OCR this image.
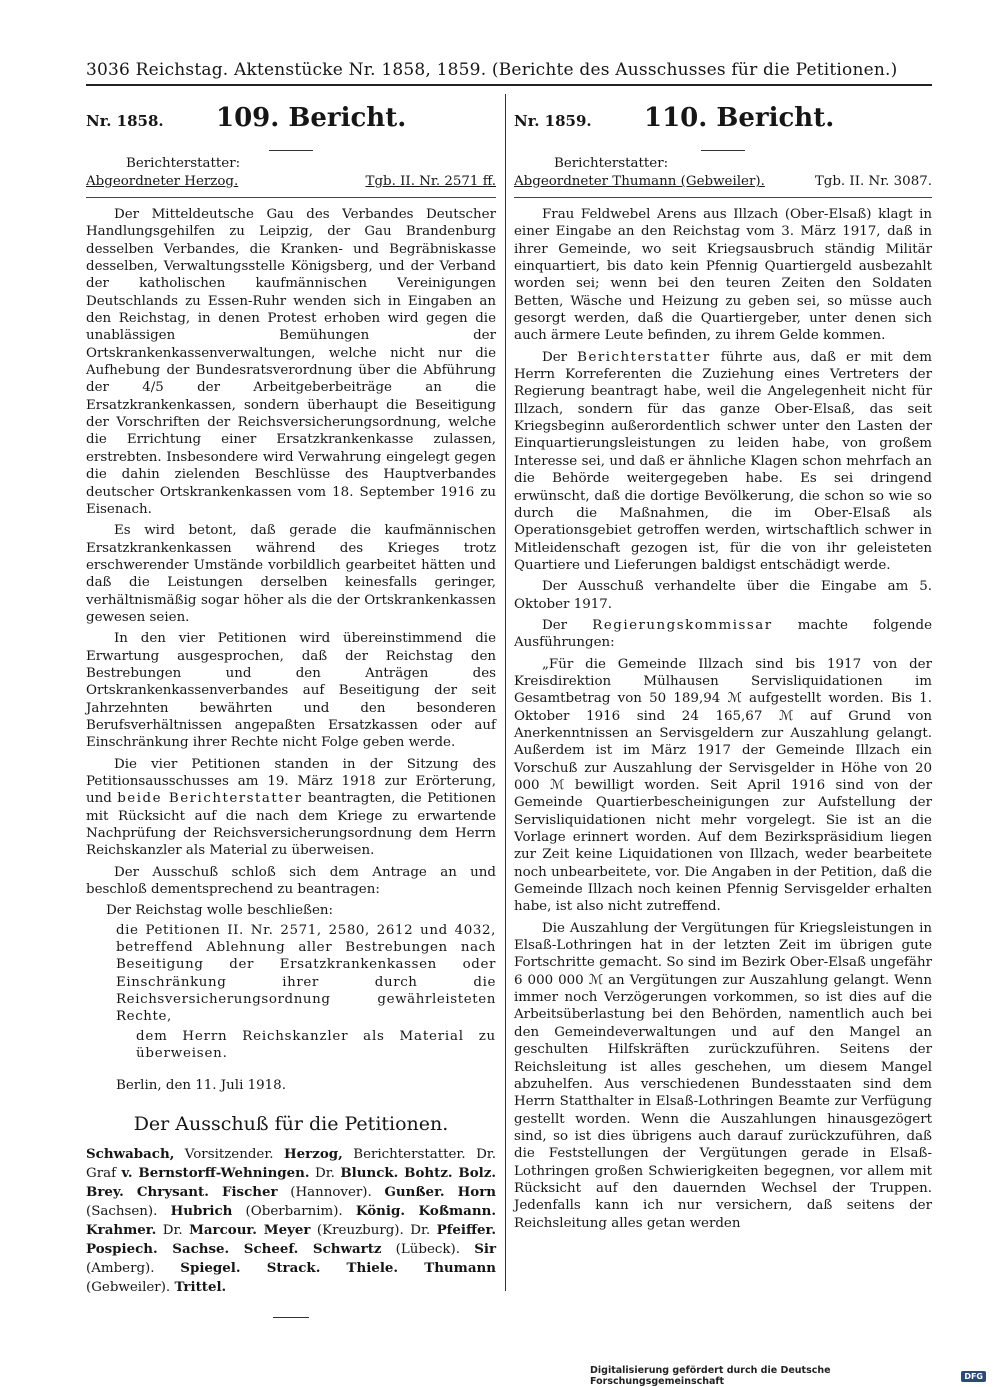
3036 Reichstag. Aktenstücke Nr. 1858, 1859. (Berichte des Ausschusses für die Petitionen.)
Nr. 1858.	109. Bericht.
Berichterstatter:
Abgeordneter Herzog.	Tgb. II. Nr. 2571 ff.

Der Mitteldeutsche Gau des Verbandes Deutscher Handlungsgehilfen zu Leipzig, der Gau Brandenburg desselben Verbandes, die Kranken- und Begräbniskasse desselben, Verwaltungsstelle Königsberg, und der Verband der katholischen kaufmännischen Vereinigungen Deutschlands zu Essen-Ruhr wenden sich in Eingaben an den Reichstag, in denen Protest erhoben wird gegen die unablässigen Bemühungen der Ortskrankenkassenverwaltungen, welche nicht nur die Aufhebung der Bundesratsverordnung über die Abführung der 4/5 der Arbeitgeberbeiträge an die Ersatzkrankenkassen, sondern überhaupt die Beseitigung der Vorschriften der Reichsversicherungsordnung, welche die Errichtung einer Ersatzkrankenkasse zulassen, erstrebten. Insbesondere wird Verwahrung eingelegt gegen die dahin zielenden Beschlüsse des Hauptverbandes deutscher Ortskrankenkassen vom 18. September 1916 zu Eisenach.

Es wird betont, daß gerade die kaufmännischen Ersatzkrankenkassen während des Krieges trotz erschwerender Umstände vorbildlich gearbeitet hätten und daß die Leistungen derselben keinesfalls geringer, verhältnismäßig sogar höher als die der Ortskrankenkassen gewesen seien.

In den vier Petitionen wird übereinstimmend die Erwartung ausgesprochen, daß der Reichstag den Bestrebungen und den Anträgen des Ortskrankenkassenverbandes auf Beseitigung der seit Jahrzehnten bewährten und den besonderen Berufsverhältnissen angepaßten Ersatzkassen oder auf Einschränkung ihrer Rechte nicht Folge geben werde.

Die vier Petitionen standen in der Sitzung des Petitionsausschusses am 19. März 1918 zur Erörterung, und beide Berichterstatter beantragten, die Petitionen mit Rücksicht auf die nach dem Kriege zu erwartende Nachprüfung der Reichsversicherungsordnung dem Herrn Reichskanzler als Material zu überweisen.

Der Ausschuß schloß sich dem Antrage an und beschloß dementsprechend zu beantragen:

Der Reichstag wolle beschließen:

die Petitionen II. Nr. 2571, 2580, 2612 und 4032, betreffend Ablehnung aller Bestrebungen nach Beseitigung der Ersatzkrankenkassen oder Einschränkung ihrer durch die Reichsversicherungsordnung gewährleisteten Rechte,

dem Herrn Reichskanzler als Material zu überweisen.

Berlin, den 11. Juli 1918.

Der Ausschuß für die Petitionen.
Schwabach, Vorsitzender. Herzog, Berichterstatter. Dr. Graf v. Bernstorff-Wehningen. Dr. Blunck. Bohtz. Bolz. Brey. Chrysant. Fischer (Hannover). Gunßer. Horn (Sachsen). Hubrich (Oberbarnim). König. Koßmann. Krahmer. Dr. Marcour. Meyer (Kreuzburg). Dr. Pfeiffer. Pospiech. Sachse. Scheef. Schwartz (Lübeck). Sir (Amberg). Spiegel. Strack. Thiele. Thumann (Gebweiler). Trittel.
Nr. 1859.	110. Bericht.
Berichterstatter:
Abgeordneter Thumann (Gebweiler).	Tgb. II. Nr. 3087.

Frau Feldwebel Arens aus Illzach (Ober-Elsaß) klagt in einer Eingabe an den Reichstag vom 3. März 1917, daß in ihrer Gemeinde, wo seit Kriegsausbruch ständig Militär einquartiert, bis dato kein Pfennig Quartiergeld ausbezahlt worden sei; wenn bei den teuren Zeiten den Soldaten Betten, Wäsche und Heizung zu geben sei, so müsse auch gesorgt werden, daß die Quartiergeber, unter denen sich auch ärmere Leute befinden, zu ihrem Gelde kommen.

Der Berichterstatter führte aus, daß er mit dem Herrn Korreferenten die Zuziehung eines Vertreters der Regierung beantragt habe, weil die Angelegenheit nicht für Illzach, sondern für das ganze Ober-Elsaß, das seit Kriegsbeginn außerordentlich schwer unter den Lasten der Einquartierungsleistungen zu leiden habe, von großem Interesse sei, und daß er ähnliche Klagen schon mehrfach an die Behörde weitergegeben habe. Es sei dringend erwünscht, daß die dortige Bevölkerung, die schon so wie so durch die Maßnahmen, die im Ober-Elsaß als Operationsgebiet getroffen werden, wirtschaftlich schwer in Mitleidenschaft gezogen ist, für die von ihr geleisteten Quartiere und Lieferungen baldigst entschädigt werde.

Der Ausschuß verhandelte über die Eingabe am 5. Oktober 1917.

Der Regierungskommissar machte folgende Ausführungen:

„Für die Gemeinde Illzach sind bis 1917 von der Kreisdirektion Mülhausen Servisliquidationen im Gesamtbetrag von 50 189,94 ℳ aufgestellt worden. Bis 1. Oktober 1916 sind 24 165,67 ℳ auf Grund von Anerkenntnissen an Servisgeldern zur Auszahlung gelangt. Außerdem ist im März 1917 der Gemeinde Illzach ein Vorschuß zur Auszahlung der Servisgelder in Höhe von 20 000 ℳ bewilligt worden. Seit April 1916 sind von der Gemeinde Quartierbescheinigungen zur Aufstellung der Servisliquidationen nicht mehr vorgelegt. Sie ist an die Vorlage erinnert worden. Auf dem Bezirkspräsidium liegen zur Zeit keine Liquidationen von Illzach, weder bearbeitete noch unbearbeitete, vor. Die Angaben in der Petition, daß die Gemeinde Illzach noch keinen Pfennig Servisgelder erhalten habe, ist also nicht zutreffend.

Die Auszahlung der Vergütungen für Kriegsleistungen in Elsaß-Lothringen hat in der letzten Zeit im übrigen gute Fortschritte gemacht. So sind im Bezirk Ober-Elsaß ungefähr 6 000 000 ℳ an Vergütungen zur Auszahlung gelangt. Wenn immer noch Verzögerungen vorkommen, so ist dies auf die Arbeitsüberlastung bei den Behörden, namentlich auch bei den Gemeindeverwaltungen und auf den Mangel an geschulten Hilfskräften zurückzuführen. Seitens der Reichsleitung ist alles geschehen, um diesem Mangel abzuhelfen. Aus verschiedenen Bundesstaaten sind dem Herrn Statthalter in Elsaß-Lothringen Beamte zur Verfügung gestellt worden. Wenn die Auszahlungen hinausgezögert sind, so ist dies übrigens auch darauf zurückzuführen, daß die Feststellungen der Vergütungen gerade in Elsaß-Lothringen großen Schwierigkeiten begegnen, vor allem mit Rücksicht auf den dauernden Wechsel der Truppen. Jedenfalls kann ich nur versichern, daß seitens der Reichsleitung alles getan werden

Digitalisierung gefördert durch die Deutsche Forschungsgemeinschaft	DFG
